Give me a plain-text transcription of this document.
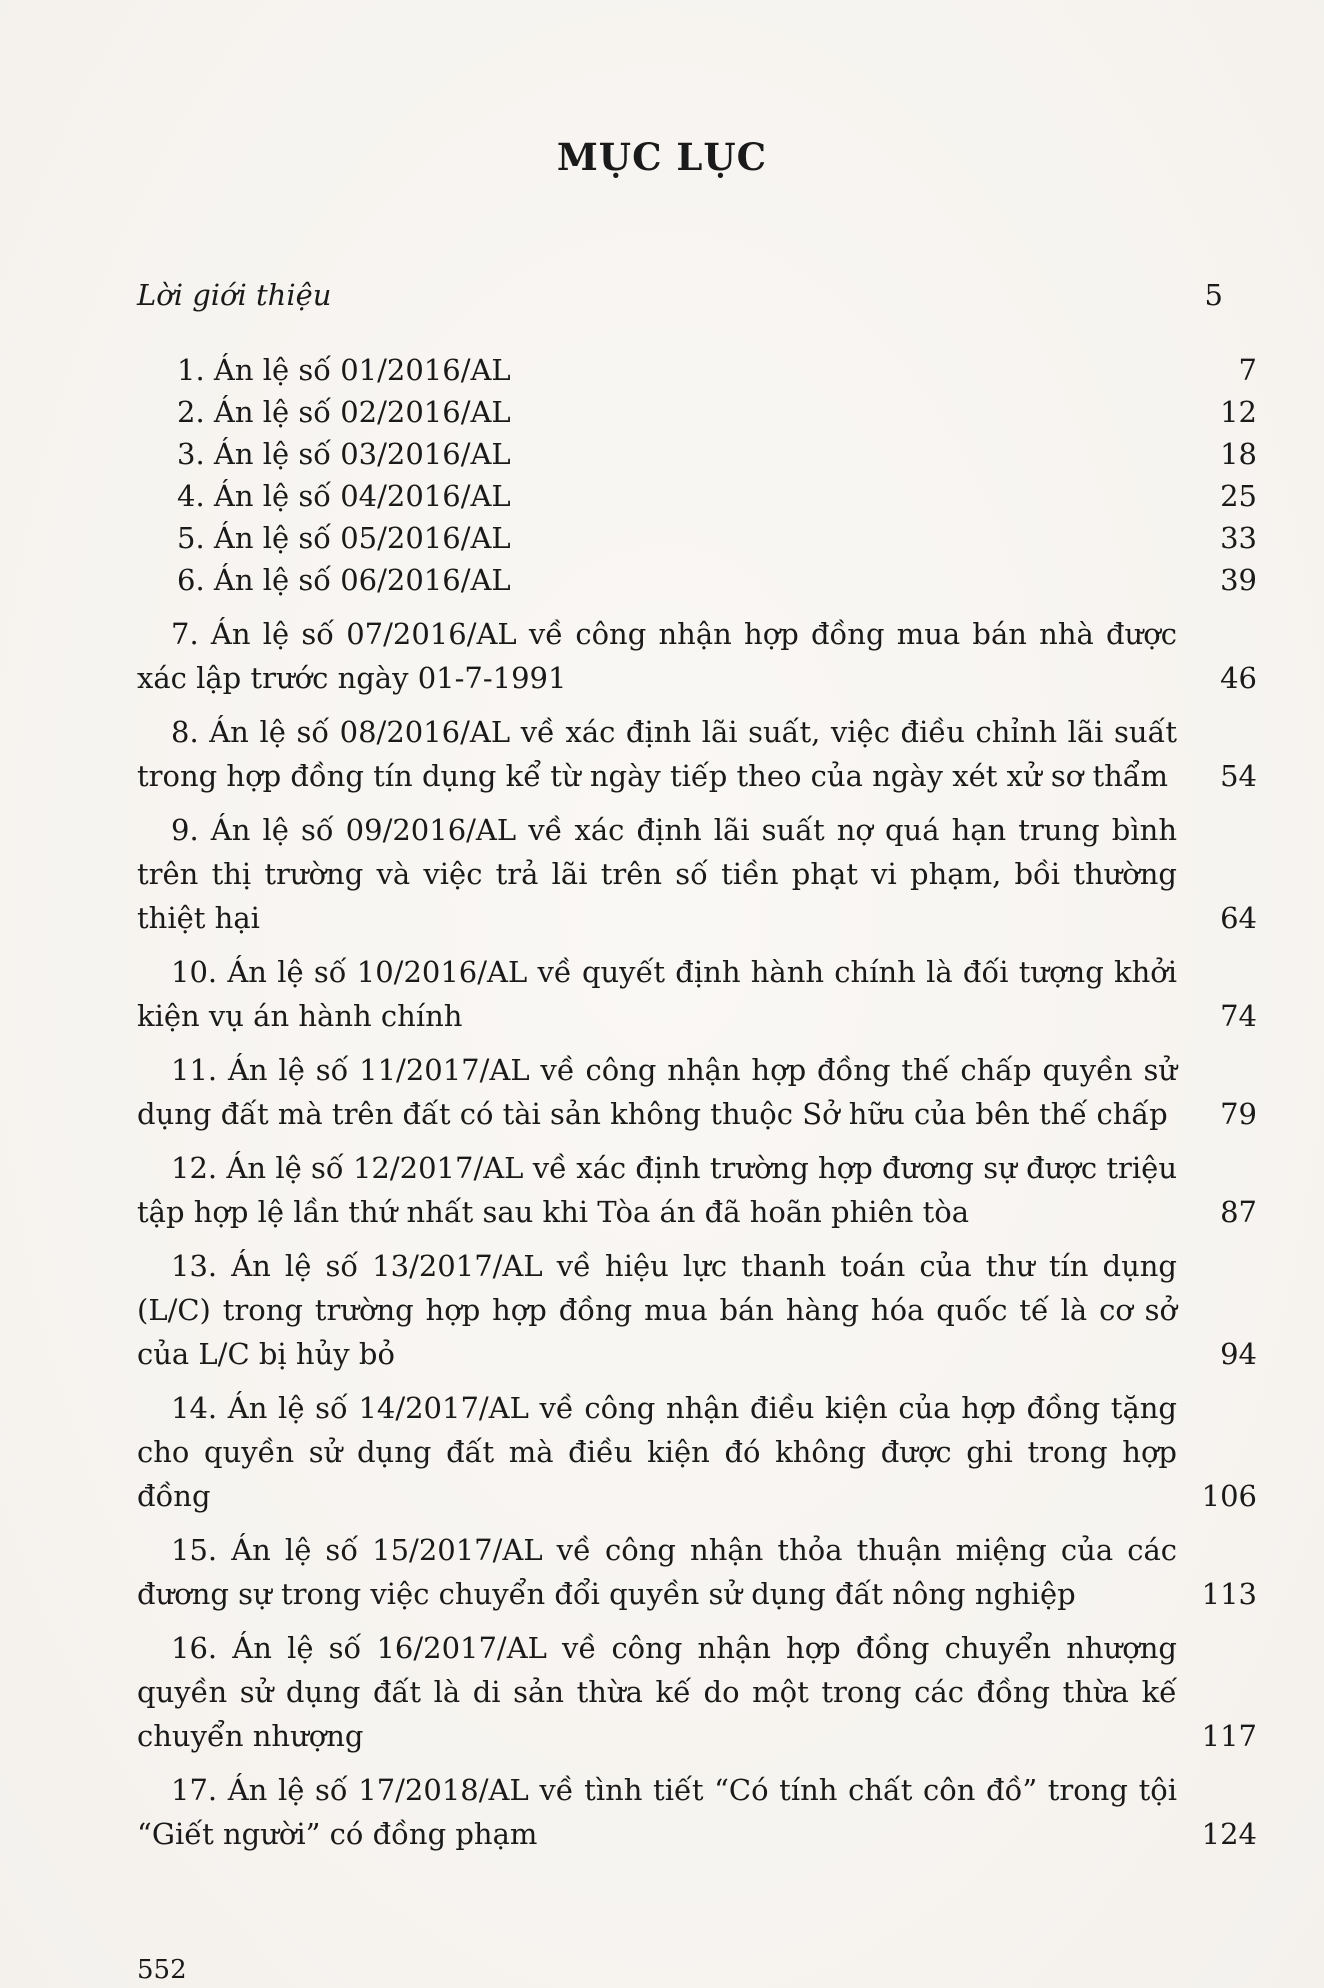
MỤC LỤC
Lời giới thiệu	5
1. Án lệ số 01/2016/AL	7
2. Án lệ số 02/2016/AL	12
3. Án lệ số 03/2016/AL	18
4. Án lệ số 04/2016/AL	25
5. Án lệ số 05/2016/AL	33
6. Án lệ số 06/2016/AL	39
7. Án lệ số 07/2016/AL về công nhận hợp đồng mua bán nhà được xác lập trước ngày 01-7-1991	46
8. Án lệ số 08/2016/AL về xác định lãi suất, việc điều chỉnh lãi suất trong hợp đồng tín dụng kể từ ngày tiếp theo của ngày xét xử sơ thẩm	54
9. Án lệ số 09/2016/AL về xác định lãi suất nợ quá hạn trung bình trên thị trường và việc trả lãi trên số tiền phạt vi phạm, bồi thường thiệt hại	64
10. Án lệ số 10/2016/AL về quyết định hành chính là đối tượng khởi kiện vụ án hành chính	74
11. Án lệ số 11/2017/AL về công nhận hợp đồng thế chấp quyền sử dụng đất mà trên đất có tài sản không thuộc Sở hữu của bên thế chấp	79
12. Án lệ số 12/2017/AL về xác định trường hợp đương sự được triệu tập hợp lệ lần thứ nhất sau khi Tòa án đã hoãn phiên tòa	87
13. Án lệ số 13/2017/AL về hiệu lực thanh toán của thư tín dụng (L/C) trong trường hợp hợp đồng mua bán hàng hóa quốc tế là cơ sở của L/C bị hủy bỏ	94
14. Án lệ số 14/2017/AL về công nhận điều kiện của hợp đồng tặng cho quyền sử dụng đất mà điều kiện đó không được ghi trong hợp đồng	106
15. Án lệ số 15/2017/AL về công nhận thỏa thuận miệng của các đương sự trong việc chuyển đổi quyền sử dụng đất nông nghiệp	113
16. Án lệ số 16/2017/AL về công nhận hợp đồng chuyển nhượng quyền sử dụng đất là di sản thừa kế do một trong các đồng thừa kế chuyển nhượng	117
17. Án lệ số 17/2018/AL về tình tiết “Có tính chất côn đồ” trong tội “Giết người” có đồng phạm	124
552
